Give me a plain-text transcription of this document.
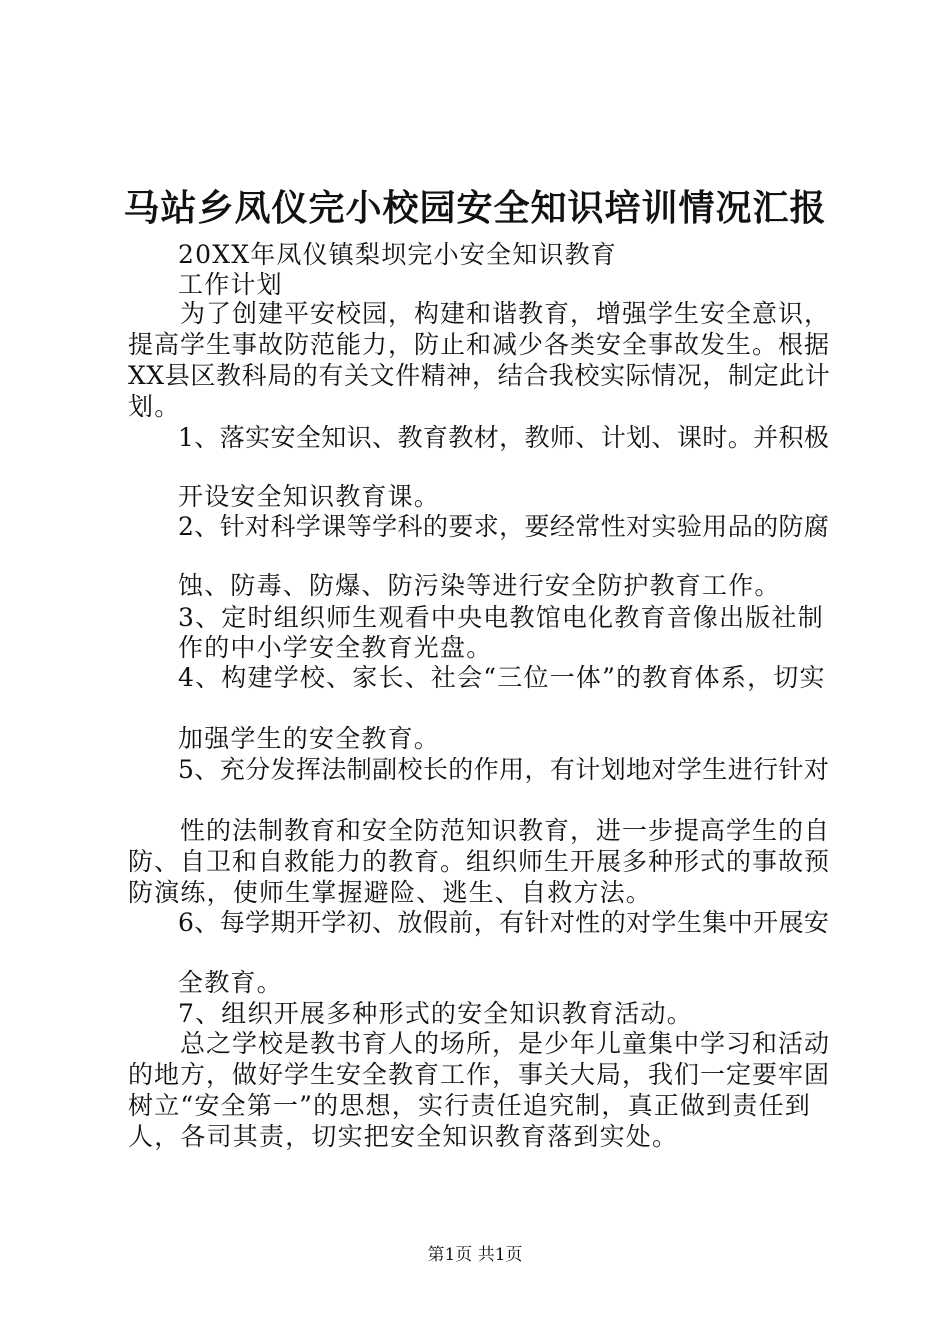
马站乡凤仪完小校园安全知识培训情况汇报
20XX年凤仪镇梨坝完小安全知识教育
工作计划
为了创建平安校园，构建和谐教育，增强学生安全意识，
提高学生事故防范能力，防止和减少各类安全事故发生。根据
XX县区教科局的有关文件精神，结合我校实际情况，制定此计
划。
1、落实安全知识、教育教材，教师、计划、课时。并积极
开设安全知识教育课。
2、针对科学课等学科的要求，要经常性对实验用品的防腐
蚀、防毒、防爆、防污染等进行安全防护教育工作。
3、定时组织师生观看中央电教馆电化教育音像出版社制
作的中小学安全教育光盘。
4、构建学校、家长、社会“三位一体”的教育体系，切实
加强学生的安全教育。
5、充分发挥法制副校长的作用，有计划地对学生进行针对
性的法制教育和安全防范知识教育，进一步提高学生的自
防、自卫和自救能力的教育。组织师生开展多种形式的事故预
防演练，使师生掌握避险、逃生、自救方法。
6、每学期开学初、放假前，有针对性的对学生集中开展安
全教育。
7、组织开展多种形式的安全知识教育活动。
总之学校是教书育人的场所，是少年儿童集中学习和活动
的地方，做好学生安全教育工作，事关大局，我们一定要牢固
树立“安全第一”的思想，实行责任追究制，真正做到责任到
人，各司其责，切实把安全知识教育落到实处。
第1页 共1页
